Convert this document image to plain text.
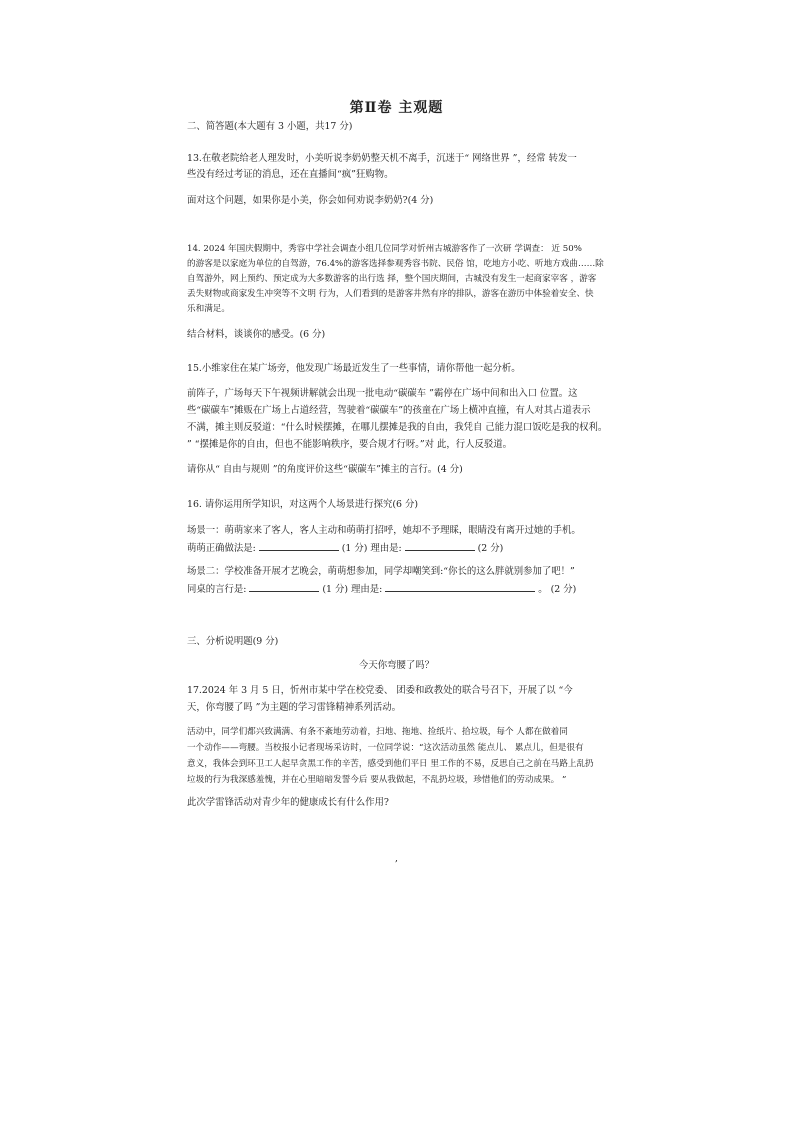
第Ⅱ卷 主观题
二、简答题(本大题有 3 小题，共17 分)
13.在敬老院给老人理发时，小美听说李奶奶整天机不离手，沉迷于“ 网络世界 ”，经常 转发一
些没有经过考证的消息，还在直播间“疯”狂购物。
面对这个问题，如果你是小美，你会如何劝说李奶奶?(4 分)
14. 2024 年国庆假期中，秀容中学社会调查小组几位同学对忻州古城游客作了一次研 学调查： 近 50%
的游客是以家庭为单位的自驾游，76.4%的游客选择参观秀容书院、民俗 馆，吃地方小吃、听地方戏曲……除
自驾游外，网上预约、预定成为大多数游客的出行选 择，整个国庆期间，古城没有发生一起商家宰客 ，游客
丢失财物或商家发生冲突等不文明 行为，人们看到的是游客井然有序的排队，游客在游历中体验着安全、快
乐和满足。
结合材料，谈谈你的感受。(6 分)
15.小维家住在某广场旁，他发现广场最近发生了一些事情，请你帮他一起分析。
前阵子，广场每天下午视频讲解就会出现一批电动“碳碳车 ”霸停在广场中间和出入口 位置。这
些“碳碳车”摊贩在广场上占道经营，驾驶着“碳碳车”的孩童在广场上横冲直撞，有人对其占道表示
不满，摊主则反驳道：“什么时候摆摊，在哪儿摆摊是我的自由，我凭自 己能力混口饭吃是我的权利。
” “摆摊是你的自由，但也不能影响秩序，要合规才行呀。”对 此，行人反驳道。
请你从“ 自由与规则 ”的角度评价这些“碳碳车”摊主的言行。(4 分)
16. 请你运用所学知识，对这两个人场景进行探究(6 分)
场景一：萌萌家来了客人，客人主动和萌萌打招呼，她却不予理睬，眼睛没有离开过她的手机。
萌萌正确做法是:	(1 分) 理由是:	(2 分)
场景二：学校准备开展才艺晚会，萌萌想参加，同学却嘲笑到:“你长的这么胖就别参加了吧！”
同桌的言行是:	(1 分) 理由是:	。 (2 分)
三、分析说明题(9 分)
今天你弯腰了吗？
17.2024 年 3 月 5 日，忻州市某中学在校党委、 团委和政教处的联合号召下，开展了以 “今
天，你弯腰了吗 ”为主题的学习雷锋精神系列活动。
活动中，同学们都兴致满满、有条不紊地劳动着，扫地、拖地、捡纸片、拾垃圾，每个 人都在做着同
一个动作——弯腰。当校报小记者现场采访时，一位同学说：“这次活动虽然 能点儿、 累点儿，但是很有
意义，我体会到环卫工人起早贪黑工作的辛苦，感受到他们平日 里工作的不易，反思自己之前在马路上乱扔
垃圾的行为我深感羞愧，并在心里暗暗发誓今后 要从我做起，不乱扔垃圾，珍惜他们的劳动成果。 ”
此次学雷锋活动对青少年的健康成长有什么作用?
,
